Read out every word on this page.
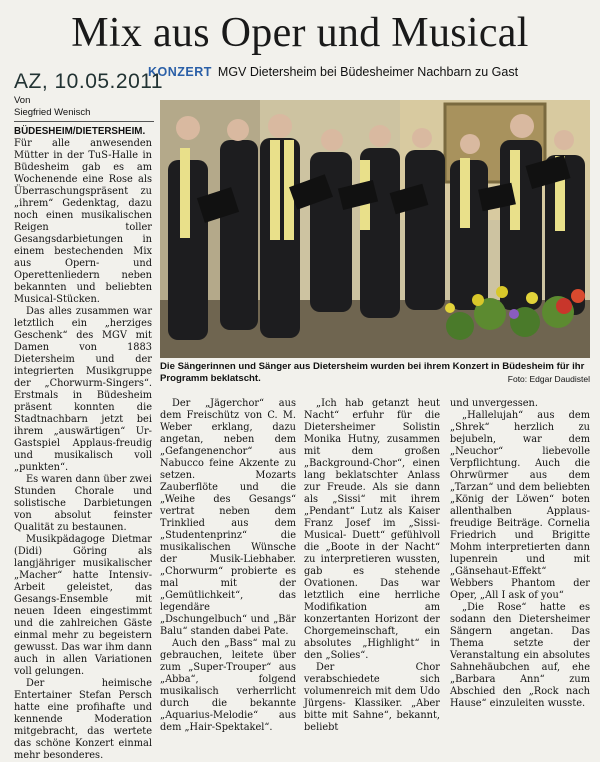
Mix aus Oper und Musical
KONZERT MGV Dietersheim bei Büdesheimer Nachbarn zu Gast
AZ, 10.05.2011
Von
Siegfried Wenisch
Die Sängerinnen und Sänger aus Dietersheim wurden bei ihrem Konzert in Büdesheim für ihr Programm beklatscht.	Foto: Edgar Daudistel

BÜDESHEIM/DIETERSHEIM. Für alle anwesenden Mütter in der TuS-Halle in Büdesheim gab es am Wochenende eine Rose als Überraschungspräsent zu „ihrem“ Gedenktag, dazu noch einen musikalischen Reigen toller Gesangsdarbietungen in einem bestechenden Mix aus Opern- und Operettenliedern neben bekannten und beliebten Musical-Stücken.

Das alles zusammen war letztlich ein „herziges Geschenk“ des MGV mit Damen von 1883 Dietersheim und der integrierten Musikgruppe der „Chorwurm-Singers“. Erstmals in Büdesheim präsent konnten die Stadtnachbarn jetzt bei ihrem „auswärtigen“ Ur-Gastspiel Applaus-freudig und musikalisch voll „punkten“.

Es waren dann über zwei Stunden Chorale und solistische Darbietungen von absolut feinster Qualität zu bestaunen.

Musikpädagoge Dietmar (Didi) Göring als langjähriger musikalischer „Macher“ hatte Intensiv-Arbeit geleistet, das Gesangs-Ensemble mit neuen Ideen eingestimmt und die zahlreichen Gäste einmal mehr zu begeistern gewusst. Das war ihm dann auch in allen Variationen voll gelungen.

Der heimische Entertainer Stefan Persch hatte eine profihafte und kennende Moderation mitgebracht, das wertete das schöne Konzert einmal mehr besonderes.

Der „Jägerchor“ aus dem Freischütz von C. M. Weber erklang, dazu angetan, neben dem „Gefangenenchor“ aus Nabucco feine Akzente zu setzen. Mozarts Zauberflöte und die „Weihe des Gesangs“ vertrat neben dem Trinklied aus dem „Studentenprinz“ die musikalischen Wünsche der Musik-Liebhaber. „Chorwurm“ probierte es mal mit der „Gemütlichkeit“, das legendäre „Dschungelbuch“ und „Bär Balu“ standen dabei Pate.

Auch den „Bass“ mal zu gebrauchen, leitete über zum „Super-Trouper“ aus „Abba“, folgend musikalisch verherrlicht durch die bekannte „Aquarius-Melodie“ aus dem „Hair-Spektakel“.

„Ich hab getanzt heut Nacht“ erfuhr für die Dietersheimer Solistin Monika Hutny, zusammen mit dem großen „Background-Chor“, einen lang beklatschter Anlass zur Freude. Als sie dann als „Sissi“ mit ihrem „Pendant“ Lutz als Kaiser Franz Josef im „Sissi-Musical- Duett“ gefühlvoll die „Boote in der Nacht“ zu interpretieren wussten, gab es stehende Ovationen. Das war letztlich eine herrliche Modifikation am konzertanten Horizont der Chorgemeinschaft, ein absolutes „Highlight“ in den „Solies“.

Der Chor verabschiedete sich volumenreich mit dem Udo Jürgens- Klassiker. „Aber bitte mit Sahne“, bekannt, beliebt

und unvergessen.

„Hallelujah“ aus dem „Shrek“ herzlich zu bejubeln, war dem „Neuchor“ liebevolle Verpflichtung. Auch die Ohrwürmer aus dem „Tarzan“ und dem beliebten „König der Löwen“ boten allenthalben Applaus- freudige Beiträge. Cornelia Friedrich und Brigitte Mohm interpretierten dann lupenrein und mit „Gänsehaut-Effekt“ Webbers Phantom der Oper, „All I ask of you“

„Die Rose“ hatte es sodann den Dietersheimer Sängern angetan. Das Thema setzte der Veranstaltung ein absolutes Sahnehäubchen auf, ehe „Barbara Ann“ zum Abschied den „Rock nach Hause“ einzuleiten wusste.
